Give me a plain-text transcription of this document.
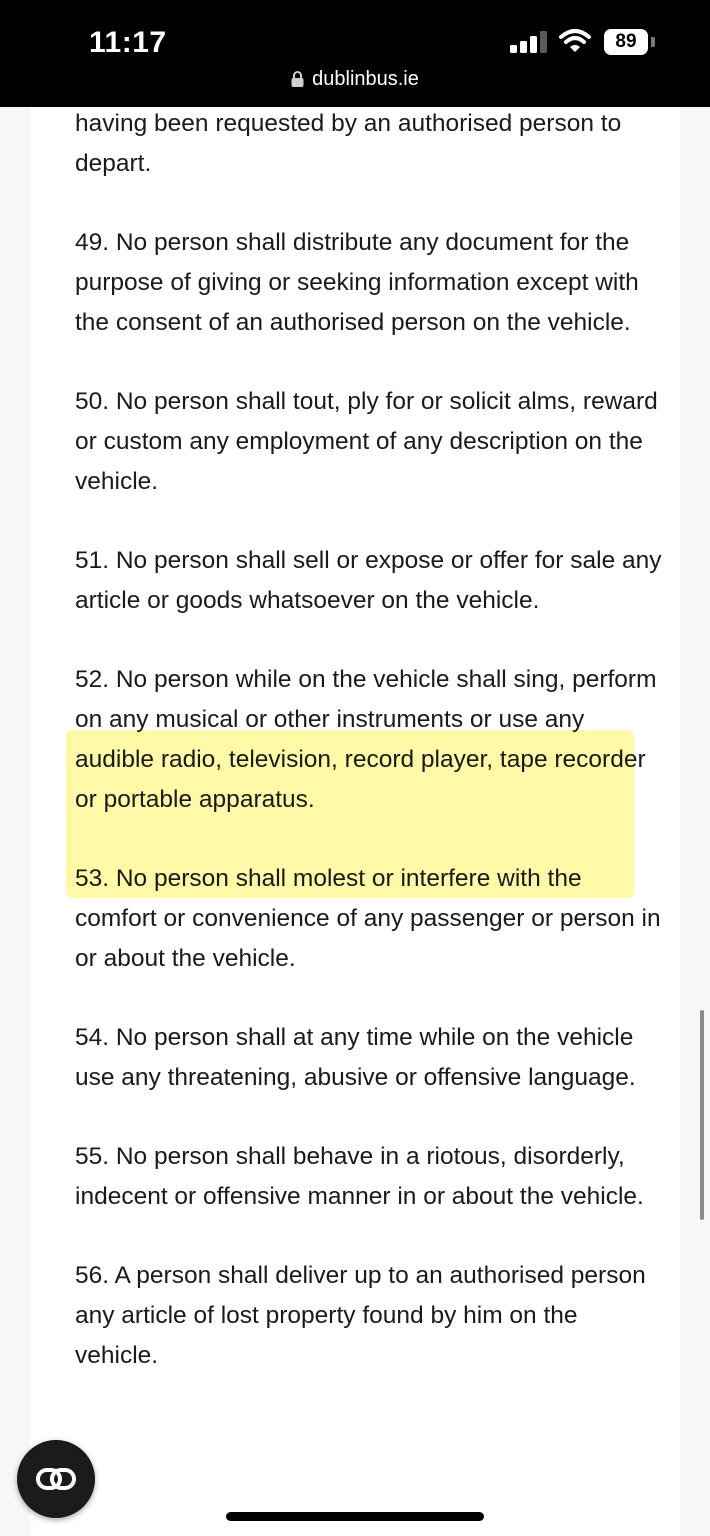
11:17	89
dublinbus.ie

having been requested by an authorised person to depart.

49. No person shall distribute any document for the purpose of giving or seeking information except with the consent of an authorised person on the vehicle.

50. No person shall tout, ply for or solicit alms, reward or custom any employment of any description on the vehicle.

51. No person shall sell or expose or offer for sale any article or goods whatsoever on the vehicle.

52. No person while on the vehicle shall sing, perform on any musical or other instruments or use any audible radio, television, record player, tape recorder or portable apparatus.

53. No person shall molest or interfere with the comfort or convenience of any passenger or person in or about the vehicle.

54. No person shall at any time while on the vehicle use any threatening, abusive or offensive language.

55. No person shall behave in a riotous, disorderly, indecent or offensive manner in or about the vehicle.

56. A person shall deliver up to an authorised person any article of lost property found by him on the vehicle.
